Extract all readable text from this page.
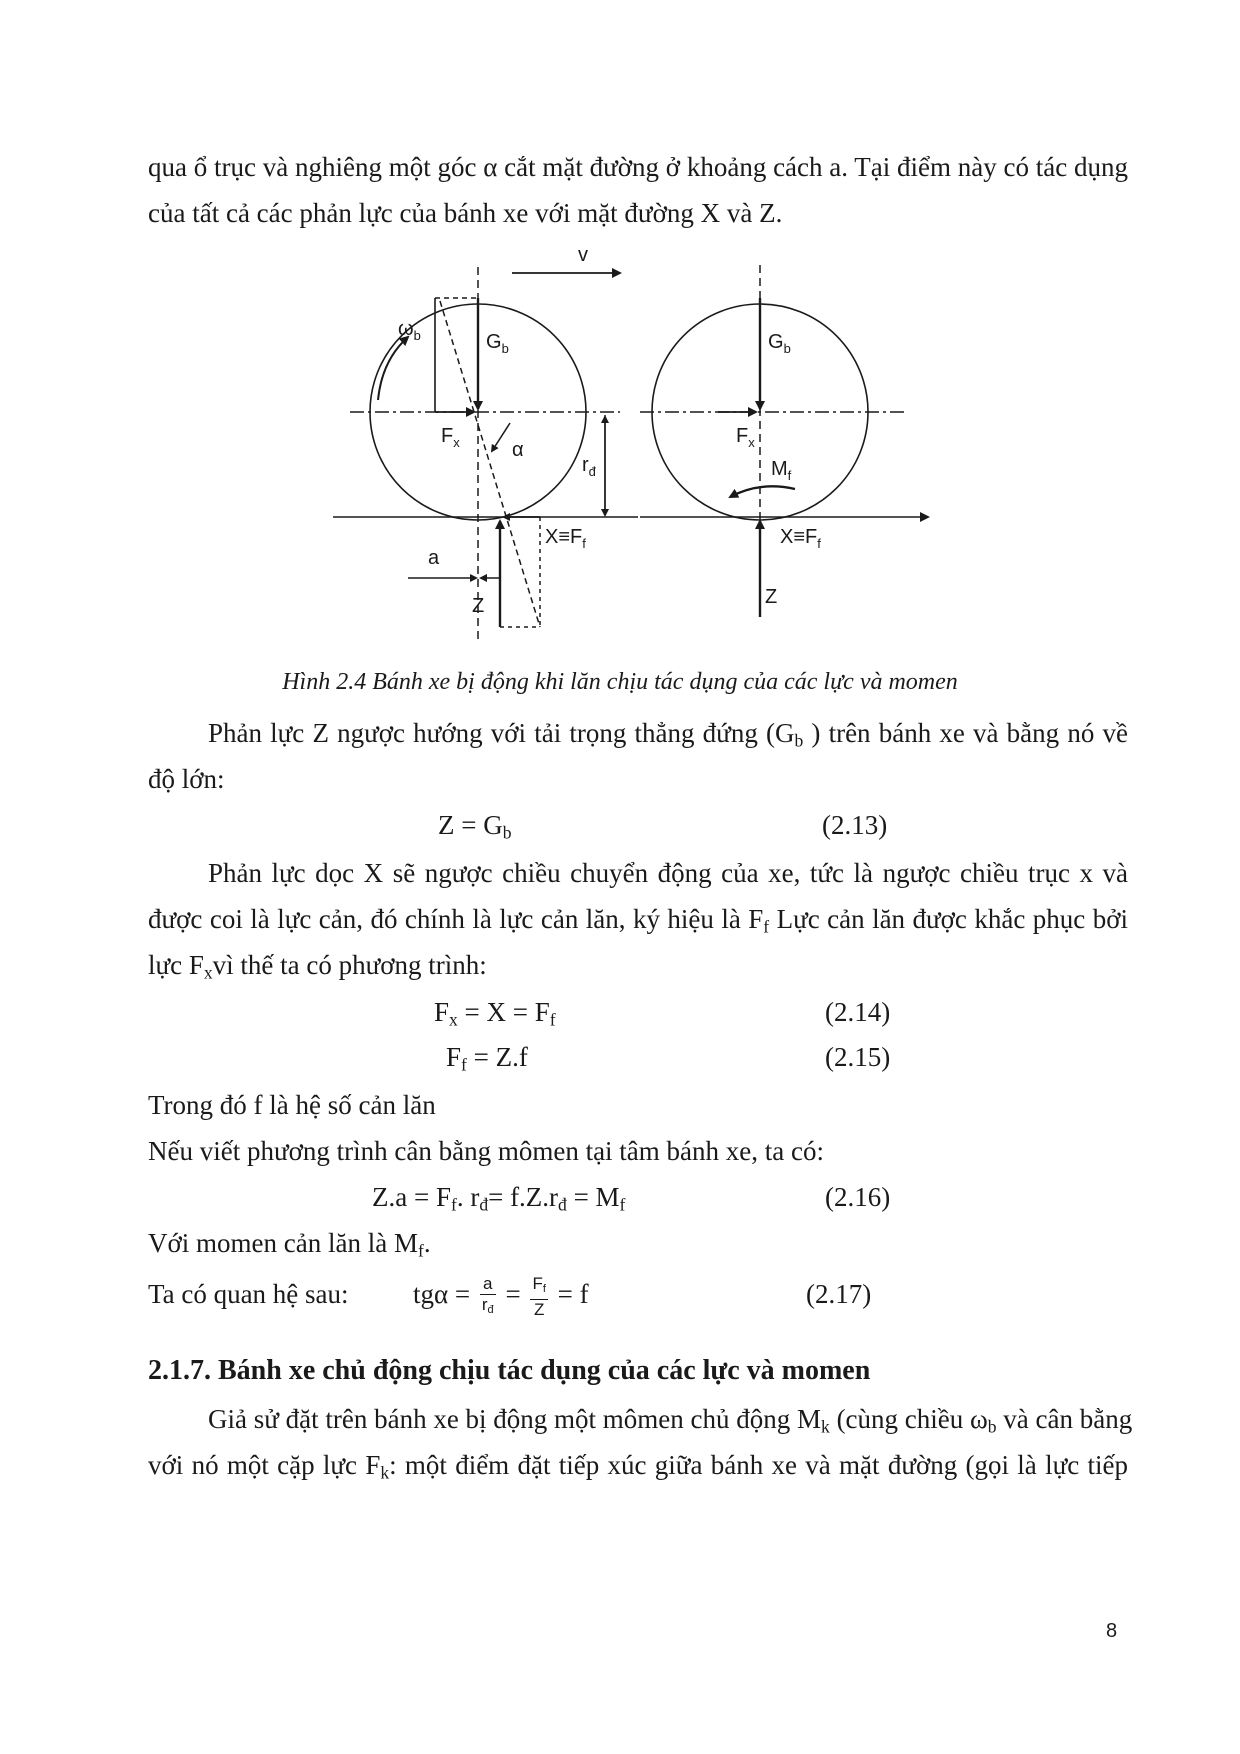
qua ổ trục và nghiêng một góc α cắt mặt đường ở khoảng cách a. Tại điểm này có tác dụng
của tất cả các phản lực của bánh xe với mặt đường X và Z.
v
$\omega_b$	$G_b$
$F_x$	α
$r_đ$
$X\equiv F_f$
a
Z
$G_b$
$F_x$
$M_f$
$X\equiv F_f$
Z
Hình 2.4 Bánh xe bị động khi lăn chịu tác dụng của các lực và momen
Phản lực Z ngược hướng với tải trọng thẳng đứng ($G_b$ ) trên bánh xe và bằng nó về
độ lớn:
$Z = G_b$	(2.13)
Phản lực dọc X sẽ ngược chiều chuyển động của xe, tức là ngược chiều trục x và
được coi là lực cản, đó chính là lực cản lăn, ký hiệu là $F_f$ Lực cản lăn được khắc phục bởi
lực $F_xvì$ thế ta có phương trình:
$F_x = X = F_f$	(2.14)
$F_f = Z.f$	(2.15)
Trong đó f là hệ số cản lăn
Nếu viết phương trình cân bằng mômen tại tâm bánh xe, ta có:
$Z.a = F_f$. $r_đ= f.Z.r_đ = M_f$	(2.16)
Với momen cản lăn là $M_f$.
Ta có quan hệ sau: $tg\alpha = \frac{a}{r_đ} = \frac{F_f}{Z} = f$	(2.17)
2.1.7. Bánh xe chủ động chịu tác dụng của các lực và momen
Giả sử đặt trên bánh xe bị động một mômen chủ động $M_k$ (cùng chiều $\omega_b$ và cân bằng
với nó một cặp lực $F_k$: một điểm đặt tiếp xúc giữa bánh xe và mặt đường (gọi là lực tiếp
8
